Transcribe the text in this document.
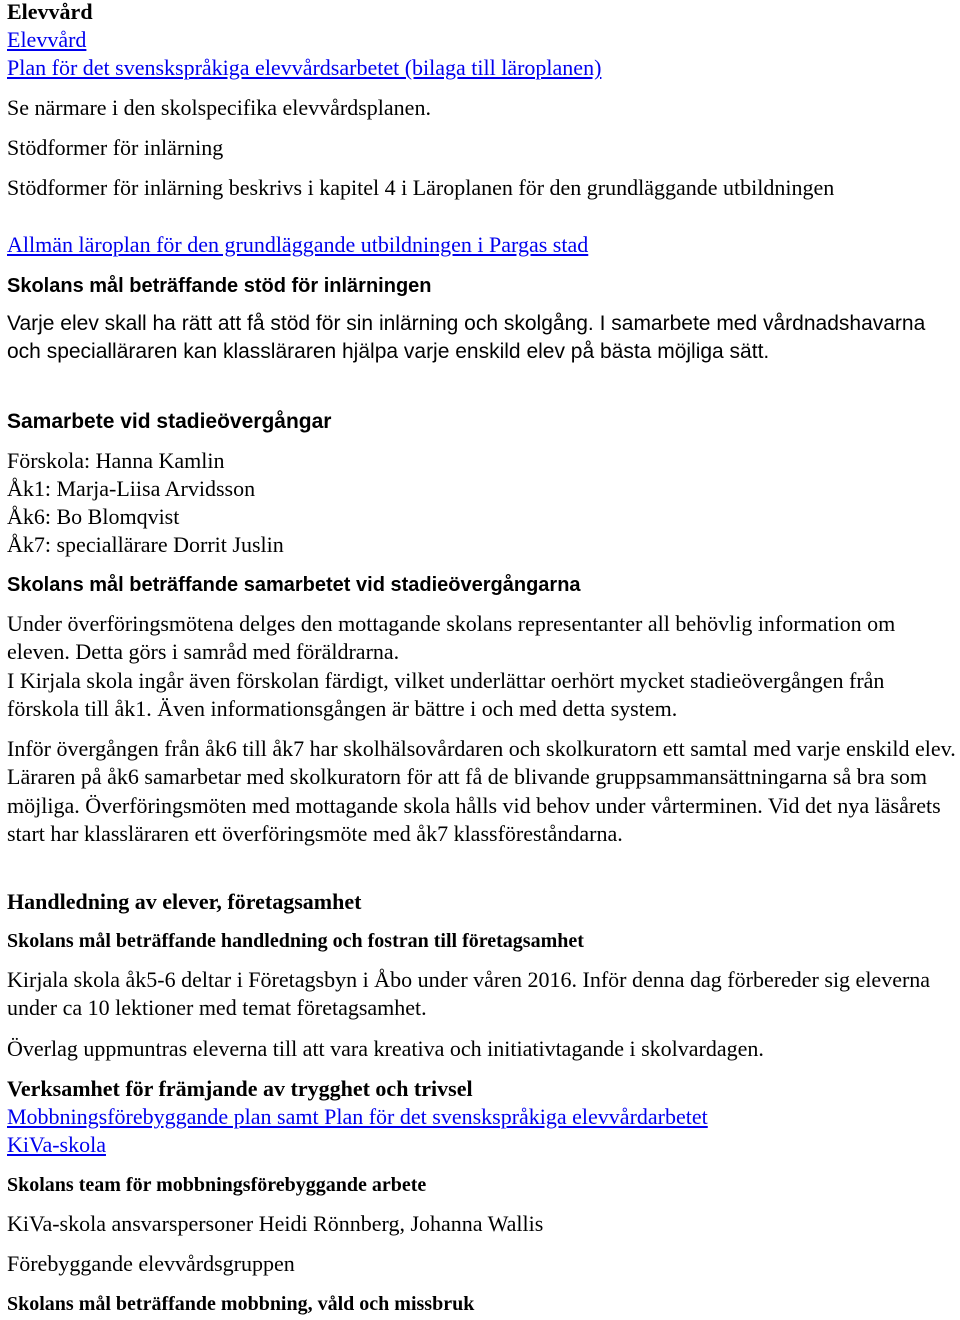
Elevvård
Elevvård
Plan för det svenskspråkiga elevvårdsarbetet (bilaga till läroplanen)
Se närmare i den skolspecifika elevvårdsplanen.
Stödformer för inlärning
Stödformer för inlärning beskrivs i kapitel 4 i Läroplanen för den grundläggande utbildningen
Allmän läroplan för den grundläggande utbildningen i Pargas stad
Skolans mål beträffande stöd för inlärningen
Varje elev skall ha rätt att få stöd för sin inlärning och skolgång. I samarbete med vårdnadshavarna och specialläraren kan klassläraren hjälpa varje enskild elev på bästa möjliga sätt.
Samarbete vid stadieövergångar
Förskola: Hanna Kamlin
Åk1: Marja-Liisa Arvidsson
Åk6: Bo Blomqvist
Åk7: speciallärare Dorrit Juslin
Skolans mål beträffande samarbetet vid stadieövergångarna
Under överföringsmötena delges den mottagande skolans representanter all behövlig information om eleven. Detta görs i samråd med föräldrarna.
I Kirjala skola ingår även förskolan färdigt, vilket underlättar oerhört mycket stadieövergången från förskola till åk1. Även informationsgången är bättre i och med detta system.
Inför övergången från åk6 till åk7 har skolhälsovårdaren och skolkuratorn ett samtal med varje enskild elev. Läraren på åk6 samarbetar med skolkuratorn för att få de blivande gruppsammansättningarna så bra som möjliga. Överföringsmöten med mottagande skola hålls vid behov under vårterminen. Vid det nya läsårets start har klassläraren ett överföringsmöte med åk7 klassföreståndarna.
Handledning av elever, företagsamhet
Skolans mål beträffande handledning och fostran till företagsamhet
Kirjala skola åk5-6 deltar i Företagsbyn i Åbo under våren 2016. Inför denna dag förbereder sig eleverna under ca 10 lektioner med temat företagsamhet.
Överlag uppmuntras eleverna till att vara kreativa och initiativtagande i skolvardagen.
Verksamhet för främjande av trygghet och trivsel
Mobbningsförebyggande plan samt Plan för det svenskspråkiga elevvårdarbetet
KiVa-skola
Skolans team för mobbningsförebyggande arbete
KiVa-skola ansvarspersoner Heidi Rönnberg, Johanna Wallis
Förebyggande elevvårdsgruppen
Skolans mål beträffande mobbning, våld och missbruk
